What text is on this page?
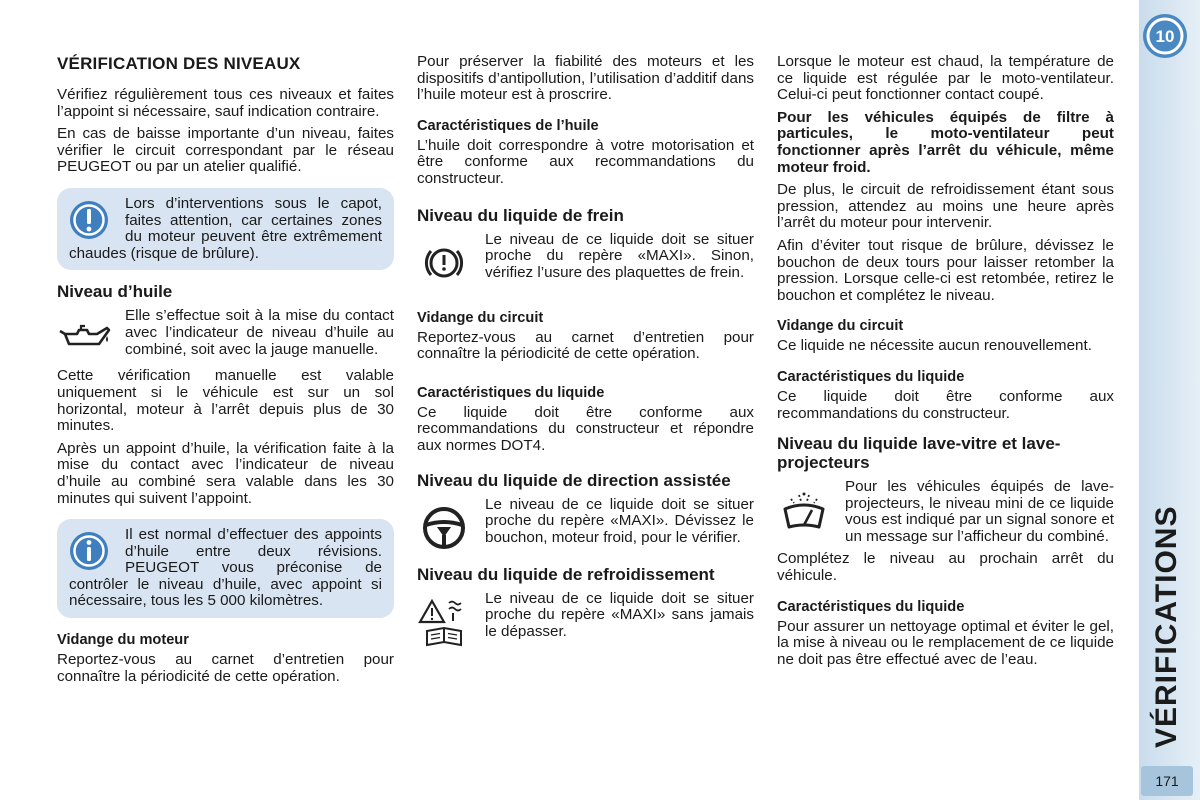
10
VÉRIFICATIONS
171
VÉRIFICATION DES NIVEAUX

Vérifiez régulièrement tous ces niveaux et faites l’appoint si nécessaire, sauf indication contraire.

En cas de baisse importante d’un niveau, faites vérifier le circuit correspondant par le réseau PEUGEOT ou par un atelier qualifié.

Lors d’interventions sous le capot, faites attention, car certaines zones du moteur peuvent être extrêmement chaudes (risque de brûlure).

Niveau d’huile

Elle s’effectue soit à la mise du contact avec l’indicateur de niveau d’huile au combiné, soit avec la jauge manuelle.

Cette vérification manuelle est valable uniquement si le véhicule est sur un sol horizontal, moteur à l’arrêt depuis plus de 30 minutes.

Après un appoint d’huile, la vérification faite à la mise du contact avec l’indicateur de niveau d’huile au combiné sera valable dans les 30 minutes qui suivent l’appoint.

Il est normal d’effectuer des appoints d’huile entre deux révisions. PEUGEOT vous préconise de contrôler le niveau d’huile, avec appoint si nécessaire, tous les 5 000 kilomètres.

Vidange du moteur

Reportez-vous au carnet d’entretien pour connaître la périodicité de cette opération.

Pour préserver la fiabilité des moteurs et les dispositifs d’antipollution, l’utilisation d’additif dans l’huile moteur est à proscrire.

Caractéristiques de l’huile

L’huile doit correspondre à votre motorisation et être conforme aux recommandations du constructeur.

Niveau du liquide de frein

Le niveau de ce liquide doit se situer proche du repère «MAXI». Sinon, vérifiez l’usure des plaquettes de frein.

Vidange du circuit

Reportez-vous au carnet d’entretien pour connaître la périodicité de cette opération.

Caractéristiques du liquide

Ce liquide doit être conforme aux recommandations du constructeur et répondre aux normes DOT4.

Niveau du liquide de direction assistée

Le niveau de ce liquide doit se situer proche du repère «MAXI». Dévissez le bouchon, moteur froid, pour le vérifier.

Niveau du liquide de refroidissement

Le niveau de ce liquide doit se situer proche du repère «MAXI» sans jamais le dépasser.

Lorsque le moteur est chaud, la température de ce liquide est régulée par le moto-ventilateur. Celui-ci peut fonctionner contact coupé.

Pour les véhicules équipés de filtre à particules, le moto-ventilateur peut fonctionner après l’arrêt du véhicule, même moteur froid.

De plus, le circuit de refroidissement étant sous pression, attendez au moins une heure après l’arrêt du moteur pour intervenir.

Afin d’éviter tout risque de brûlure, dévissez le bouchon de deux tours pour laisser retomber la pression. Lorsque celle-ci est retombée, retirez le bouchon et complétez le niveau.

Vidange du circuit

Ce liquide ne nécessite aucun renouvellement.

Caractéristiques du liquide

Ce liquide doit être conforme aux recommandations du constructeur.

Niveau du liquide lave-vitre et lave-projecteurs

Pour les véhicules équipés de lave-projecteurs, le niveau mini de ce liquide vous est indiqué par un signal sonore et un message sur l’afficheur du combiné.

Complétez le niveau au prochain arrêt du véhicule.

Caractéristiques du liquide

Pour assurer un nettoyage optimal et éviter le gel, la mise à niveau ou le remplacement de ce liquide ne doit pas être effectué avec de l’eau.
